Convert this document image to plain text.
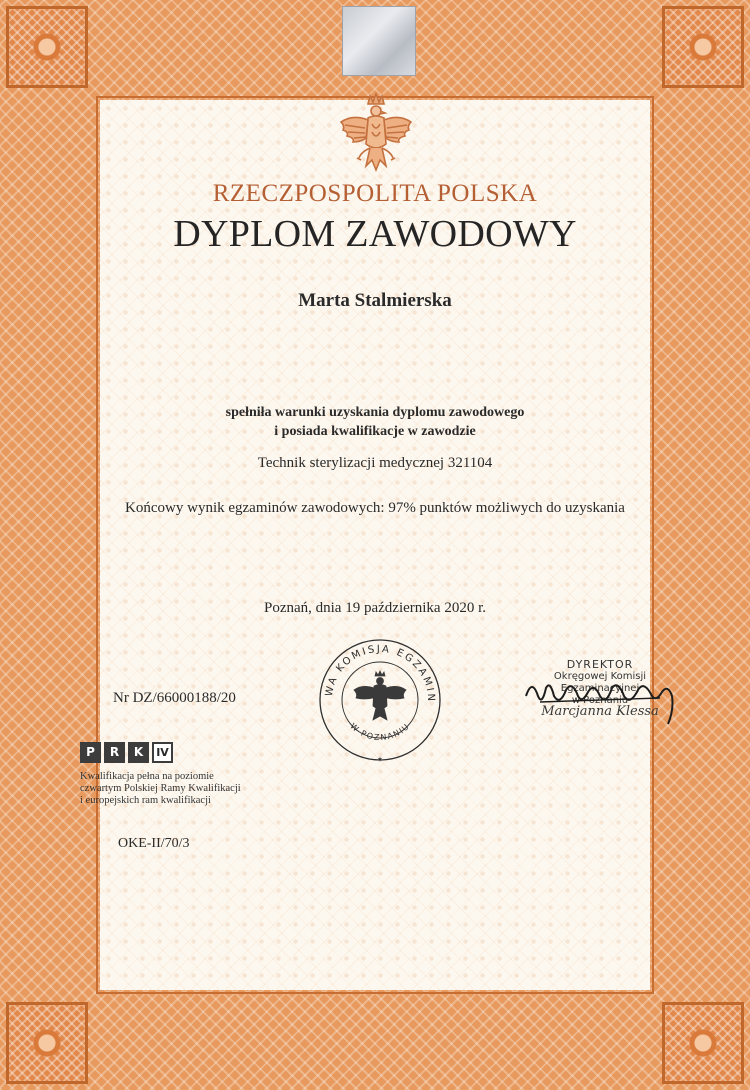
RZECZPOSPOLITA POLSKA
DYPLOM ZAWODOWY
Marta Stalmierska
spełniła warunki uzyskania dyplomu zawodowego
i posiada kwalifikacje w zawodzie
Technik sterylizacji medycznej 321104
Końcowy wynik egzaminów zawodowych: 97% punktów możliwych do uzyskania
Poznań, dnia 19 października 2020 r.
WA KOMISJA EGZAMIN
W POZNANIU
✶
DYREKTOR
Okręgowej Komisji Egzaminacyjnej
w Poznaniu
Marcjanna Klessa
Nr DZ/66000188/20
P	R	K	IV
Kwalifikacja pełna na poziomie
czwartym Polskiej Ramy Kwalifikacji
i europejskich ram kwalifikacji
OKE-II/70/3
